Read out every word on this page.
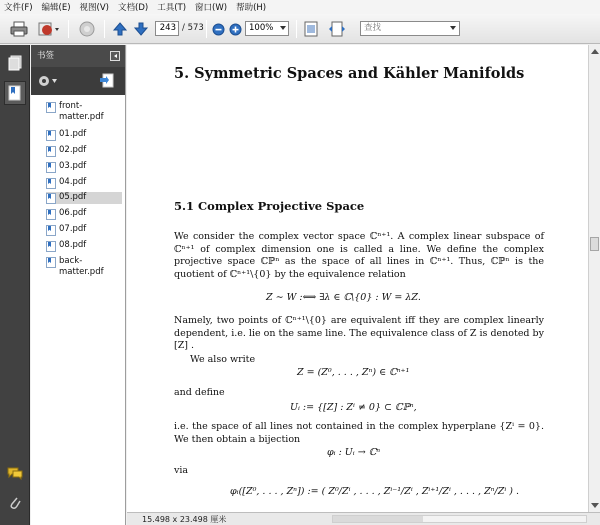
文件(F) 编辑(E) 视图(V) 文档(D) 工具(T) 窗口(W) 帮助(H)
243 / 573	100%	查找
书签
front-matter.pdf
01.pdf
02.pdf
03.pdf
04.pdf
05.pdf
06.pdf
07.pdf
08.pdf
back-matter.pdf
5. Symmetric Spaces and Kähler Manifolds
5.1 Complex Projective Space
We consider the complex vector space ℂⁿ⁺¹. A complex linear subspace of ℂⁿ⁺¹ of complex dimension one is called a line. We define the complex projective space ℂℙⁿ as the space of all lines in ℂⁿ⁺¹. Thus, ℂℙⁿ is the quotient of ℂⁿ⁺¹\{0} by the equivalence relation
Z ∼ W :⟺ ∃λ ∈ ℂ\{0} : W = λZ.
Namely, two points of ℂⁿ⁺¹\{0} are equivalent iff they are complex linearly dependent, i.e. lie on the same line. The equivalence class of Z is denoted by [Z] .
We also write
Z = (Z⁰, . . . , Zⁿ) ∈ ℂⁿ⁺¹
and define
Uᵢ := {[Z] : Zⁱ ≠ 0} ⊂ ℂℙⁿ,
i.e. the space of all lines not contained in the complex hyperplane {Zⁱ = 0}. We then obtain a bijection
φᵢ : Uᵢ → ℂⁿ
via
φᵢ([Z⁰, . . . , Zⁿ]) := ( Z⁰/Zⁱ , . . . , Zⁱ⁻¹/Zⁱ , Zⁱ⁺¹/Zⁱ , . . . , Zⁿ/Zⁱ ) .
15.498 x 23.498 厘米
